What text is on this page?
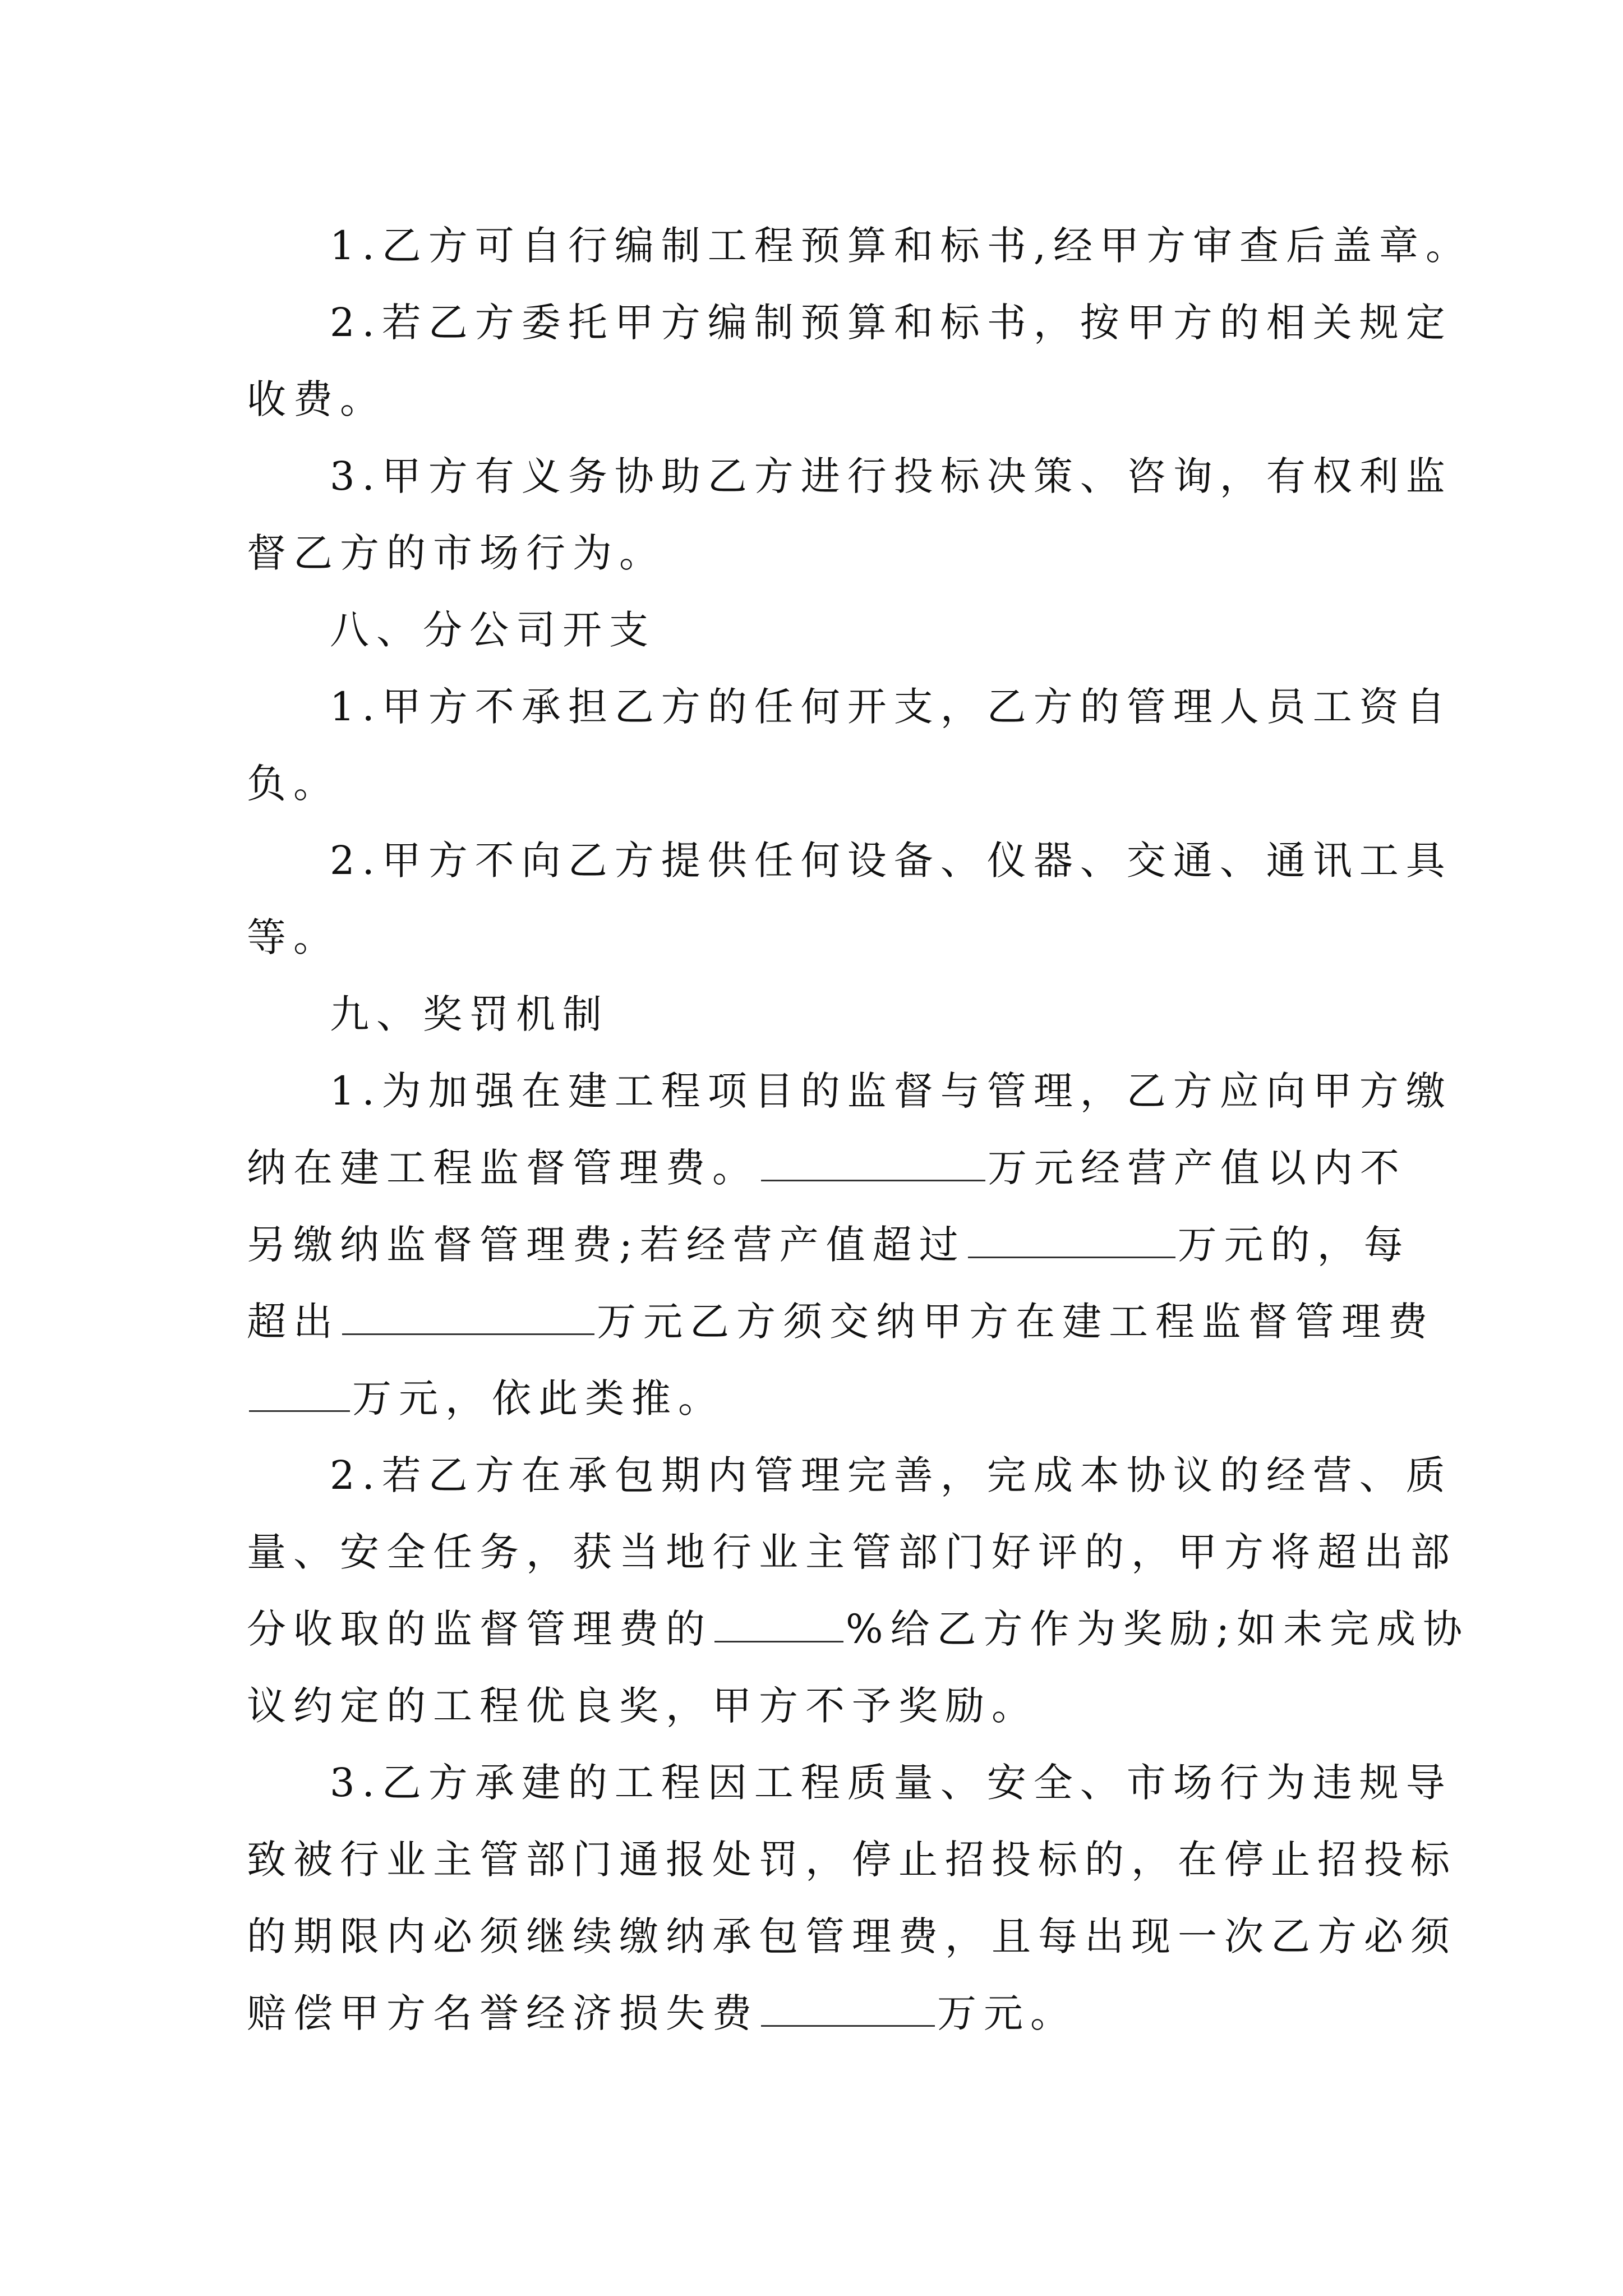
1.乙方可自行编制工程预算和标书,经甲方审查后盖章。
2.若乙方委托甲方编制预算和标书，按甲方的相关规定
收费。
3.甲方有义务协助乙方进行投标决策、咨询，有权利监
督乙方的市场行为。
八、分公司开支
1.甲方不承担乙方的任何开支，乙方的管理人员工资自
负。
2.甲方不向乙方提供任何设备、仪器、交通、通讯工具
等。
九、奖罚机制
1.为加强在建工程项目的监督与管理，乙方应向甲方缴
纳在建工程监督管理费。	万元经营产值以内不
另缴纳监督管理费;若经营产值超过	万元的，每
超出	万元乙方须交纳甲方在建工程监督管理费
万元，依此类推。
2.若乙方在承包期内管理完善，完成本协议的经营、质
量、安全任务，获当地行业主管部门好评的，甲方将超出部
分收取的监督管理费的	%给乙方作为奖励;如未完成协
议约定的工程优良奖，甲方不予奖励。
3.乙方承建的工程因工程质量、安全、市场行为违规导
致被行业主管部门通报处罚，停止招投标的，在停止招投标
的期限内必须继续缴纳承包管理费，且每出现一次乙方必须
赔偿甲方名誉经济损失费	万元。
